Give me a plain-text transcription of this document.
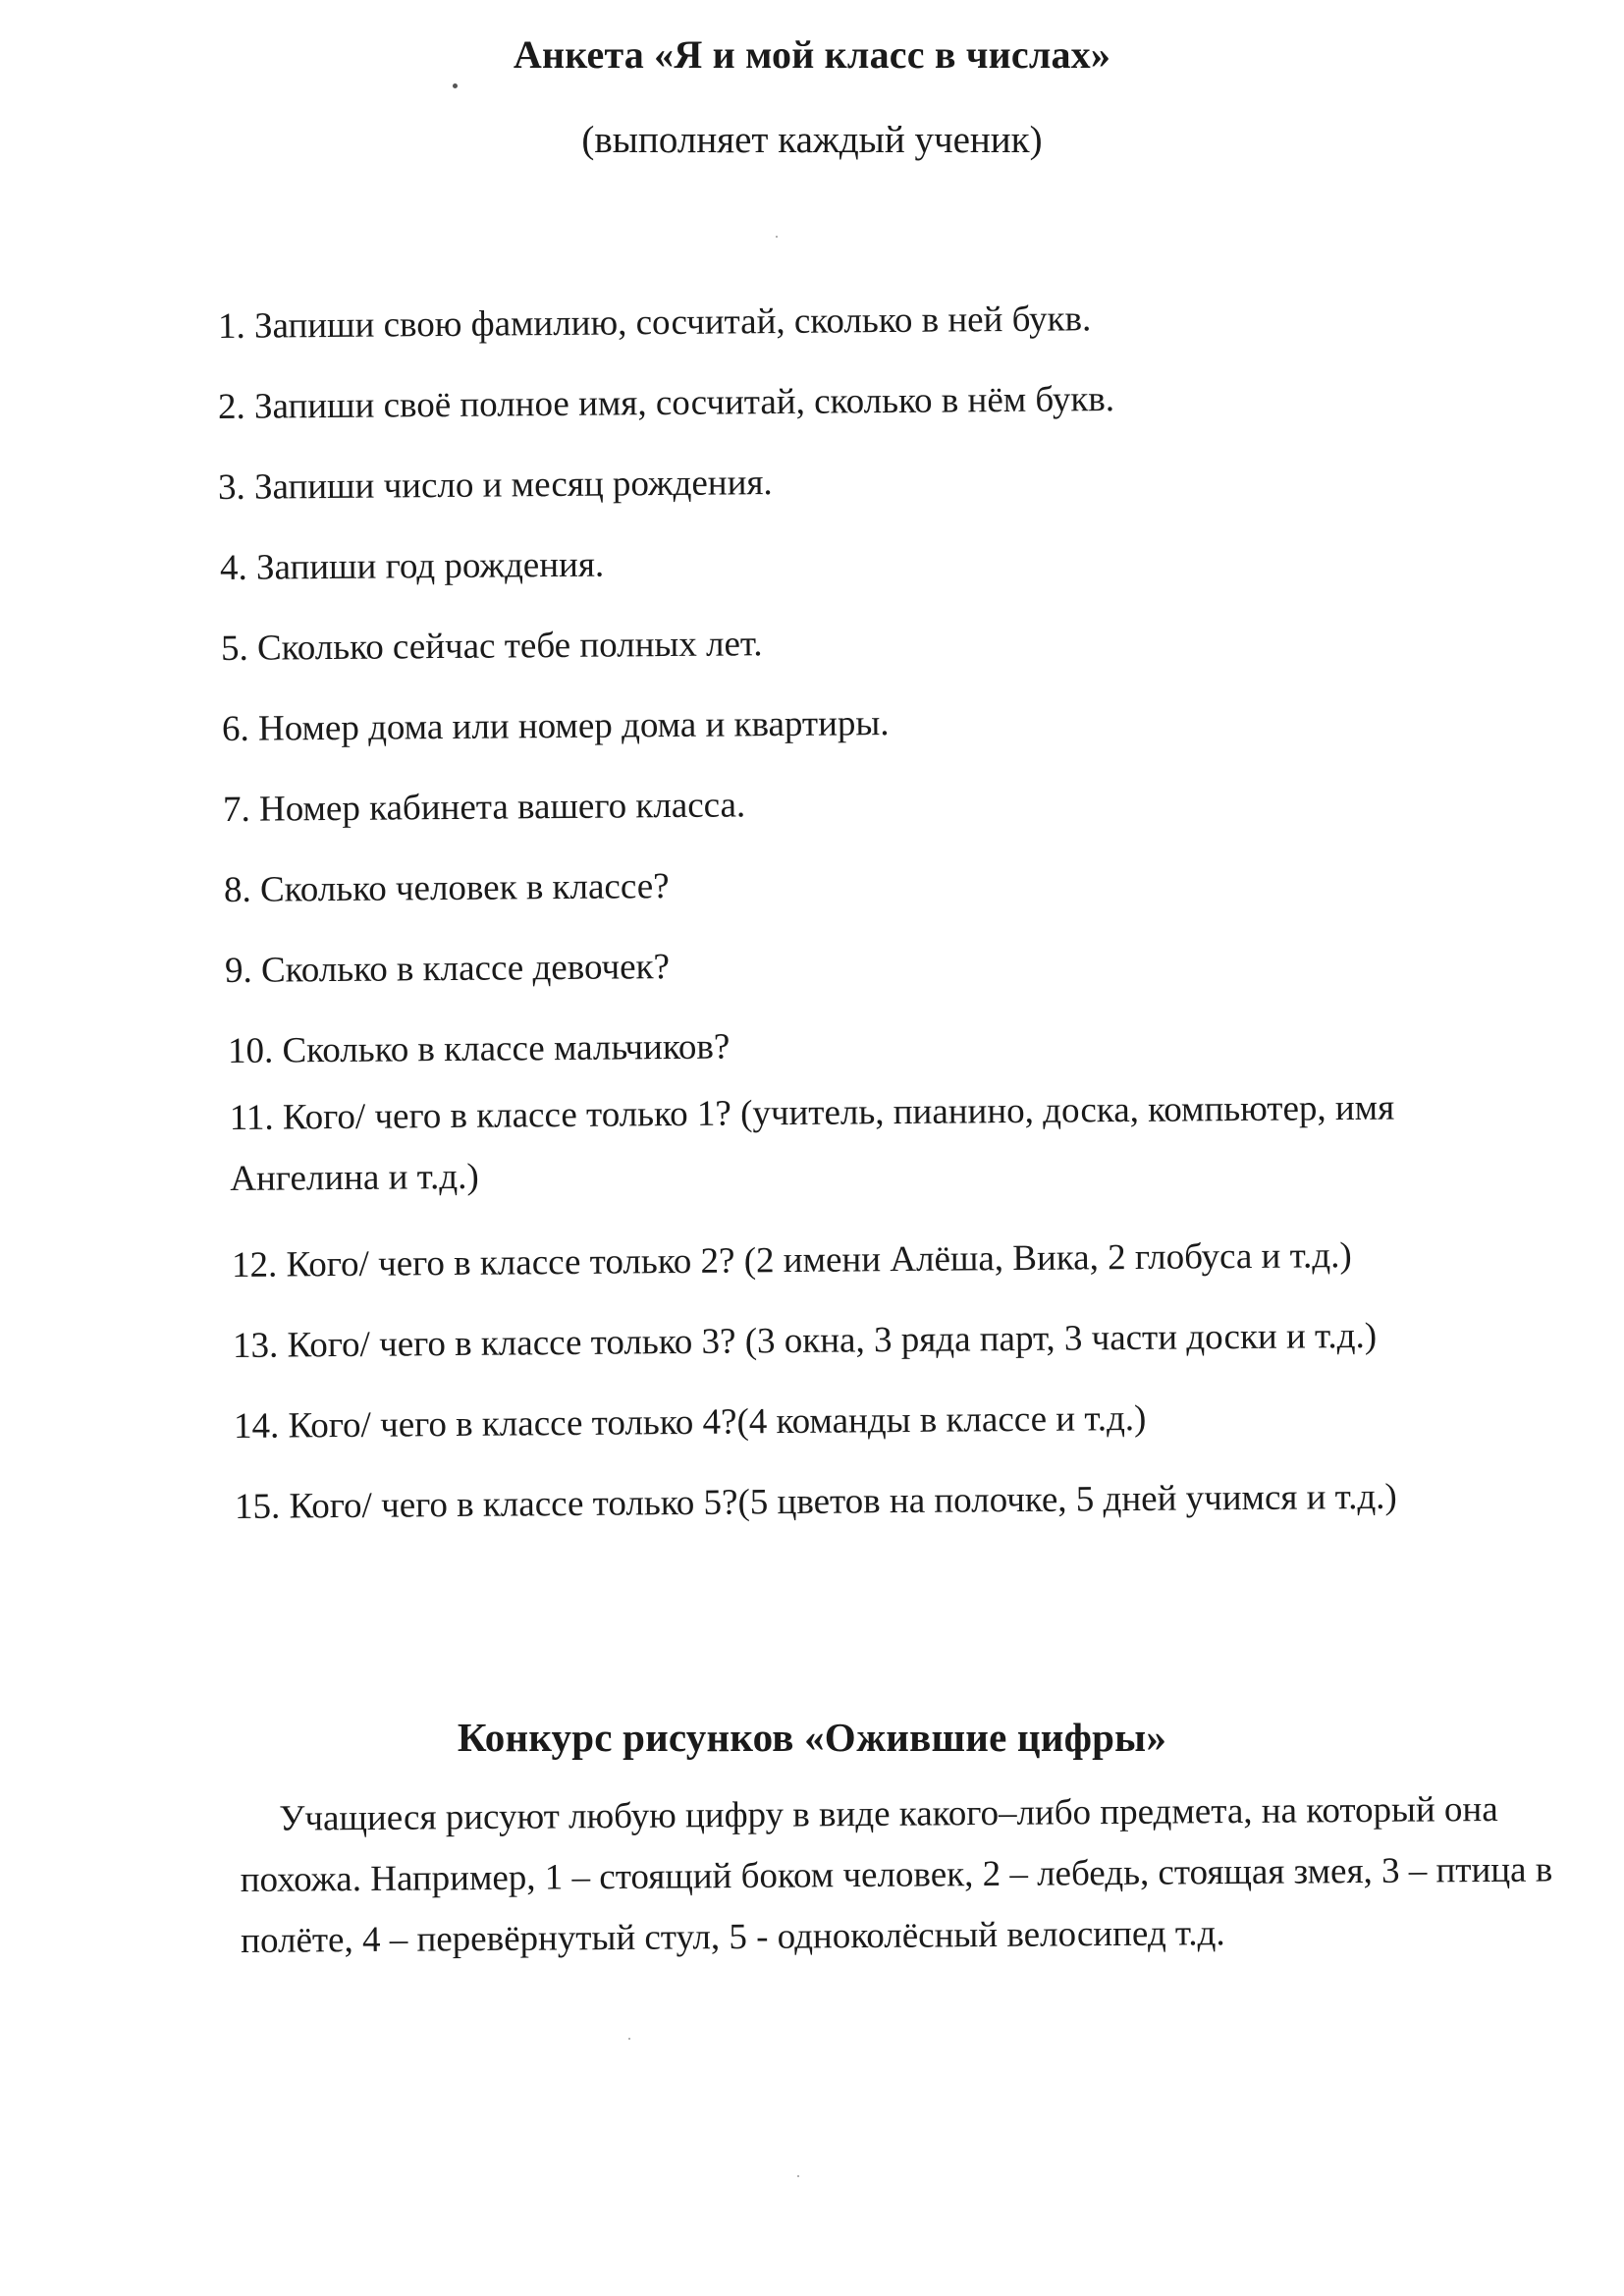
Анкета «Я и мой класс в числах»
(выполняет каждый ученик)
1. Запиши свою фамилию, сосчитай, сколько в ней букв.
2. Запиши своё полное имя, сосчитай, сколько в нём букв.
3. Запиши число и месяц рождения.
4. Запиши год рождения.
5. Сколько сейчас тебе полных лет.
6. Номер дома или номер дома и квартиры.
7. Номер кабинета вашего класса.
8. Сколько человек в классе?
9. Сколько в классе девочек?
10. Сколько в классе мальчиков?
11. Кого/ чего в классе только 1? (учитель, пианино, доска, компьютер, имя Ангелина и т.д.)
12. Кого/ чего в классе только 2? (2 имени Алёша, Вика, 2 глобуса и т.д.)
13. Кого/ чего в классе только 3? (3 окна, 3 ряда парт, 3 части доски и т.д.)
14. Кого/ чего в классе только 4?(4 команды в классе и т.д.)
15. Кого/ чего в классе только 5?(5 цветов на полочке, 5 дней учимся и т.д.)
Конкурс рисунков «Ожившие цифры»
Учащиеся рисуют любую цифру в виде какого–либо предмета, на который она похожа. Например, 1 – стоящий боком человек, 2 – лебедь, стоящая змея, 3 – птица в полёте, 4 – перевёрнутый стул, 5 - одноколёсный велосипед т.д.
